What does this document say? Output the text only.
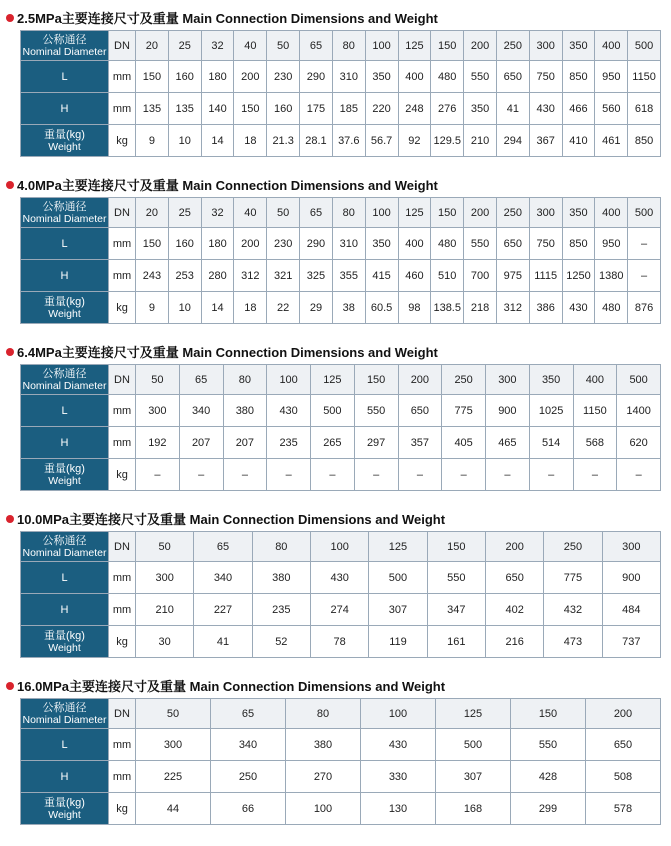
2.5MPa主要连接尺寸及重量 Main Connection Dimensions and Weight
公称通径
Nominal Diameter	DN	20	25	32	40	50	65	80	100	125	150	200	250	300	350	400	500
L	mm	150	160	180	200	230	290	310	350	400	480	550	650	750	850	950	1150
H	mm	135	135	140	150	160	175	185	220	248	276	350	41	430	466	560	618

重量(kg)
Weight	kg	9	10	14	18	21.3	28.1	37.6	56.7	92	129.5	210	294	367	410	461	850
4.0MPa主要连接尺寸及重量 Main Connection Dimensions and Weight
公称通径
Nominal Diameter	DN	20	25	32	40	50	65	80	100	125	150	200	250	300	350	400	500
L	mm	150	160	180	200	230	290	310	350	400	480	550	650	750	850	950	–
H	mm	243	253	280	312	321	325	355	415	460	510	700	975	1115	1250	1380	–

重量(kg)
Weight	kg	9	10	14	18	22	29	38	60.5	98	138.5	218	312	386	430	480	876
6.4MPa主要连接尺寸及重量 Main Connection Dimensions and Weight
公称通径
Nominal Diameter	DN	50	65	80	100	125	150	200	250	300	350	400	500
L	mm	300	340	380	430	500	550	650	775	900	1025	1150	1400
H	mm	192	207	207	235	265	297	357	405	465	514	568	620

重量(kg)
Weight	kg	–	–	–	–	–	–	–	–	–	–	–	–
10.0MPa主要连接尺寸及重量 Main Connection Dimensions and Weight
公称通径
Nominal Diameter	DN	50	65	80	100	125	150	200	250	300
L	mm	300	340	380	430	500	550	650	775	900
H	mm	210	227	235	274	307	347	402	432	484

重量(kg)
Weight	kg	30	41	52	78	119	161	216	473	737
16.0MPa主要连接尺寸及重量 Main Connection Dimensions and Weight
公称通径
Nominal Diameter	DN	50	65	80	100	125	150	200
L	mm	300	340	380	430	500	550	650
H	mm	225	250	270	330	307	428	508

重量(kg)
Weight	kg	44	66	100	130	168	299	578
